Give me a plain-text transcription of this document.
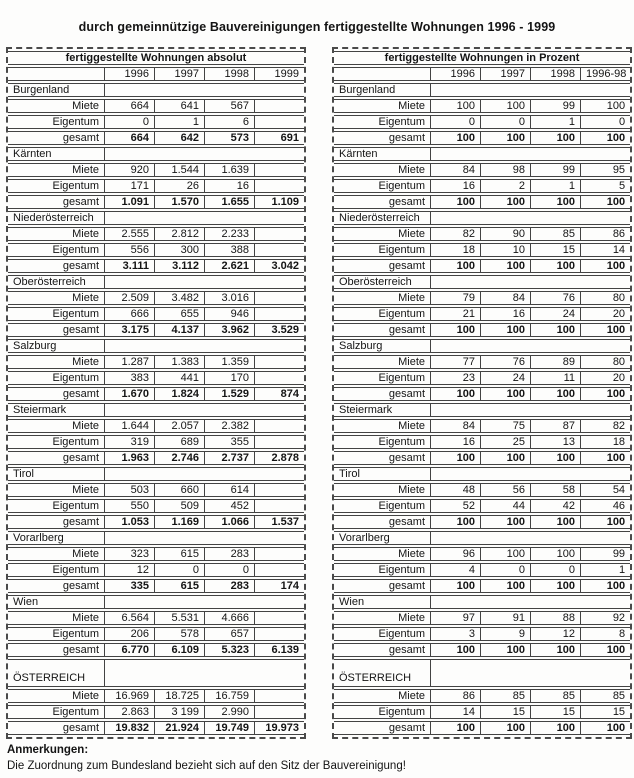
durch gemeinnützige Bauvereinigungen fertiggestellte Wohnungen 1996 - 1999
fertiggestellte Wohnungen absolut				
	1996	1997	1998	1999
Burgenland				
Miete	664	641	567	
Eigentum	0	1	6	
gesamt	664	642	573	691
Kärnten				
Miete	920	1.544	1.639	
Eigentum	171	26	16	
gesamt	1.091	1.570	1.655	1.109
Niederösterreich				
Miete	2.555	2.812	2.233	
Eigentum	556	300	388	
gesamt	3.111	3.112	2.621	3.042
Oberösterreich				
Miete	2.509	3.482	3.016	
Eigentum	666	655	946	
gesamt	3.175	4.137	3.962	3.529
Salzburg				
Miete	1.287	1.383	1.359	
Eigentum	383	441	170	
gesamt	1.670	1.824	1.529	874
Steiermark				
Miete	1.644	2.057	2.382	
Eigentum	319	689	355	
gesamt	1.963	2.746	2.737	2.878
Tirol				
Miete	503	660	614	
Eigentum	550	509	452	
gesamt	1.053	1.169	1.066	1.537
Vorarlberg				
Miete	323	615	283	
Eigentum	12	0	0	
gesamt	335	615	283	174
Wien				
Miete	6.564	5.531	4.666	
Eigentum	206	578	657	
gesamt	6.770	6.109	5.323	6.139
ÖSTERREICH				
Miete	16.969	18.725	16.759	
Eigentum	2.863	3 199	2.990	
gesamt	19.832	21.924	19.749	19.973
fertiggestellte Wohnungen in Prozent				
	1996	1997	1998	1996-98
Burgenland				
Miete	100	100	99	100
Eigentum	0	0	1	0
gesamt	100	100	100	100
Kärnten				
Miete	84	98	99	95
Eigentum	16	2	1	5
gesamt	100	100	100	100
Niederösterreich				
Miete	82	90	85	86
Eigentum	18	10	15	14
gesamt	100	100	100	100
Oberösterreich				
Miete	79	84	76	80
Eigentum	21	16	24	20
gesamt	100	100	100	100
Salzburg				
Miete	77	76	89	80
Eigentum	23	24	11	20
gesamt	100	100	100	100
Steiermark				
Miete	84	75	87	82
Eigentum	16	25	13	18
gesamt	100	100	100	100
Tirol				
Miete	48	56	58	54
Eigentum	52	44	42	46
gesamt	100	100	100	100
Vorarlberg				
Miete	96	100	100	99
Eigentum	4	0	0	1
gesamt	100	100	100	100
Wien				
Miete	97	91	88	92
Eigentum	3	9	12	8
gesamt	100	100	100	100
ÖSTERREICH				
Miete	86	85	85	85
Eigentum	14	15	15	15
gesamt	100	100	100	100
Anmerkungen:
Die Zuordnung zum Bundesland bezieht sich auf den Sitz der Bauvereinigung!
